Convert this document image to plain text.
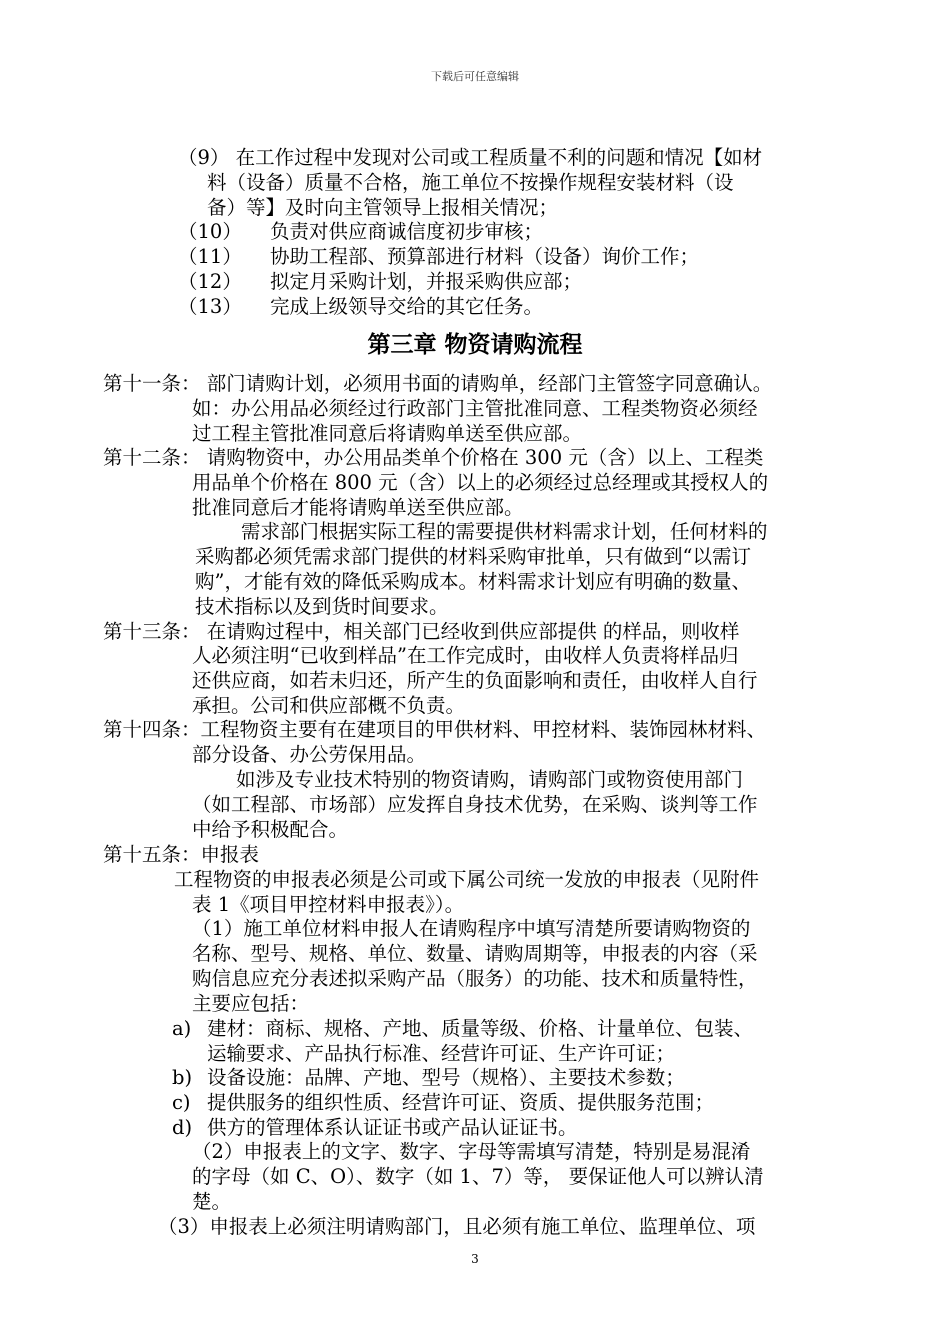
下载后可任意编辑
（9） 在工作过程中发现对公司或工程质量不利的问题和情况【如材
料（设备）质量不合格，施工单位不按操作规程安装材料（设
备）等】及时向主管领导上报相关情况；
（10） 负责对供应商诚信度初步审核；
（11） 协助工程部、预算部进行材料（设备）询价工作；
（12） 拟定月采购计划，并报采购供应部；
（13） 完成上级领导交给的其它任务。
第三章 物资请购流程
第十一条： 部门请购计划，必须用书面的请购单，经部门主管签字同意确认。
如：办公用品必须经过行政部门主管批准同意、工程类物资必须经
过工程主管批准同意后将请购单送至供应部。
第十二条： 请购物资中，办公用品类单个价格在 300 元（含）以上、工程类
用品单个价格在 800 元（含）以上的必须经过总经理或其授权人的
批准同意后才能将请购单送至供应部。
需求部门根据实际工程的需要提供材料需求计划，任何材料的
采购都必须凭需求部门提供的材料采购审批单，只有做到“以需订
购”，才能有效的降低采购成本。材料需求计划应有明确的数量、
技术指标以及到货时间要求。
第十三条： 在请购过程中，相关部门已经收到供应部提供 的样品，则收样
人必须注明“已收到样品”在工作完成时，由收样人负责将样品归
还供应商，如若未归还，所产生的负面影响和责任，由收样人自行
承担。公司和供应部概不负责。
第十四条：工程物资主要有在建项目的甲供材料、甲控材料、装饰园林材料、
部分设备、办公劳保用品。
如涉及专业技术特别的物资请购，请购部门或物资使用部门
（如工程部、市场部）应发挥自身技术优势，在采购、谈判等工作
中给予积极配合。
第十五条：申报表
工程物资的申报表必须是公司或下属公司统一发放的申报表（见附件
表 1《项目甲控材料申报表》）。
（1）施工单位材料申报人在请购程序中填写清楚所要请购物资的
名称、型号、规格、单位、数量、请购周期等，申报表的内容（采
购信息应充分表述拟采购产品（服务）的功能、技术和质量特性，
主要应包括：
a) 建材：商标、规格、产地、质量等级、价格、计量单位、包装、
运输要求、产品执行标准、经营许可证、生产许可证；
b) 设备设施：品牌、产地、型号（规格）、主要技术参数；
c) 提供服务的组织性质、经营许可证、资质、提供服务范围；
d) 供方的管理体系认证证书或产品认证证书。
（2）申报表上的文字、数字、字母等需填写清楚，特别是易混淆
的字母（如 C、O）、数字（如 1、7）等， 要保证他人可以辨认清
楚。
（3）申报表上必须注明请购部门，且必须有施工单位、监理单位、项
3
